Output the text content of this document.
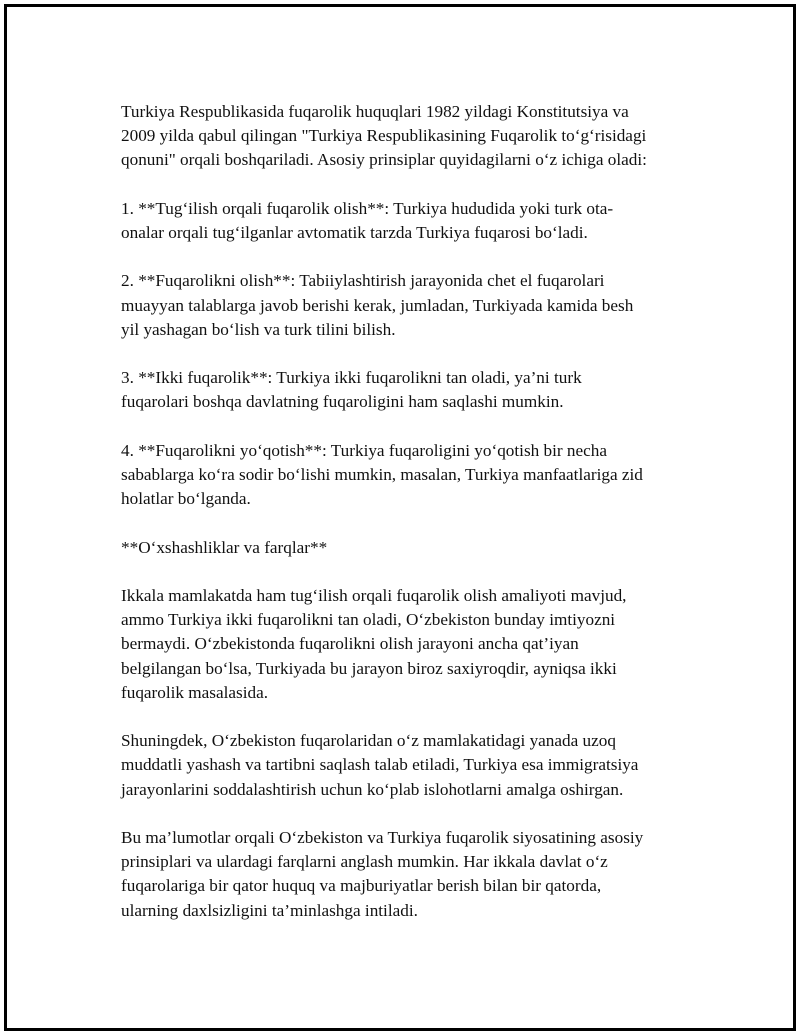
Turkiya Respublikasida fuqarolik huquqlari 1982 yildagi Konstitutsiya va
2009 yilda qabul qilingan "Turkiya Respublikasining Fuqarolik to‘g‘risidagi
qonuni" orqali boshqariladi. Asosiy prinsiplar quyidagilarni o‘z ichiga oladi:

1. **Tug‘ilish orqali fuqarolik olish**: Turkiya hududida yoki turk ota-
onalar orqali tug‘ilganlar avtomatik tarzda Turkiya fuqarosi bo‘ladi.

2. **Fuqarolikni olish**: Tabiiylashtirish jarayonida chet el fuqarolari
muayyan talablarga javob berishi kerak, jumladan, Turkiyada kamida besh
yil yashagan bo‘lish va turk tilini bilish.

3. **Ikki fuqarolik**: Turkiya ikki fuqarolikni tan oladi, ya’ni turk
fuqarolari boshqa davlatning fuqaroligini ham saqlashi mumkin.

4. **Fuqarolikni yo‘qotish**: Turkiya fuqaroligini yo‘qotish bir necha
sabablarga ko‘ra sodir bo‘lishi mumkin, masalan, Turkiya manfaatlariga zid
holatlar bo‘lganda.

**O‘xshashliklar va farqlar**

Ikkala mamlakatda ham tug‘ilish orqali fuqarolik olish amaliyoti mavjud,
ammo Turkiya ikki fuqarolikni tan oladi, O‘zbekiston bunday imtiyozni
bermaydi. O‘zbekistonda fuqarolikni olish jarayoni ancha qat’iyan
belgilangan bo‘lsa, Turkiyada bu jarayon biroz saxiyroqdir, ayniqsa ikki
fuqarolik masalasida.

Shuningdek, O‘zbekiston fuqarolaridan o‘z mamlakatidagi yanada uzoq
muddatli yashash va tartibni saqlash talab etiladi, Turkiya esa immigratsiya
jarayonlarini soddalashtirish uchun ko‘plab islohotlarni amalga oshirgan.

Bu ma’lumotlar orqali O‘zbekiston va Turkiya fuqarolik siyosatining asosiy
prinsiplari va ulardagi farqlarni anglash mumkin. Har ikkala davlat o‘z
fuqarolariga bir qator huquq va majburiyatlar berish bilan bir qatorda,
ularning daxlsizligini ta’minlashga intiladi.
